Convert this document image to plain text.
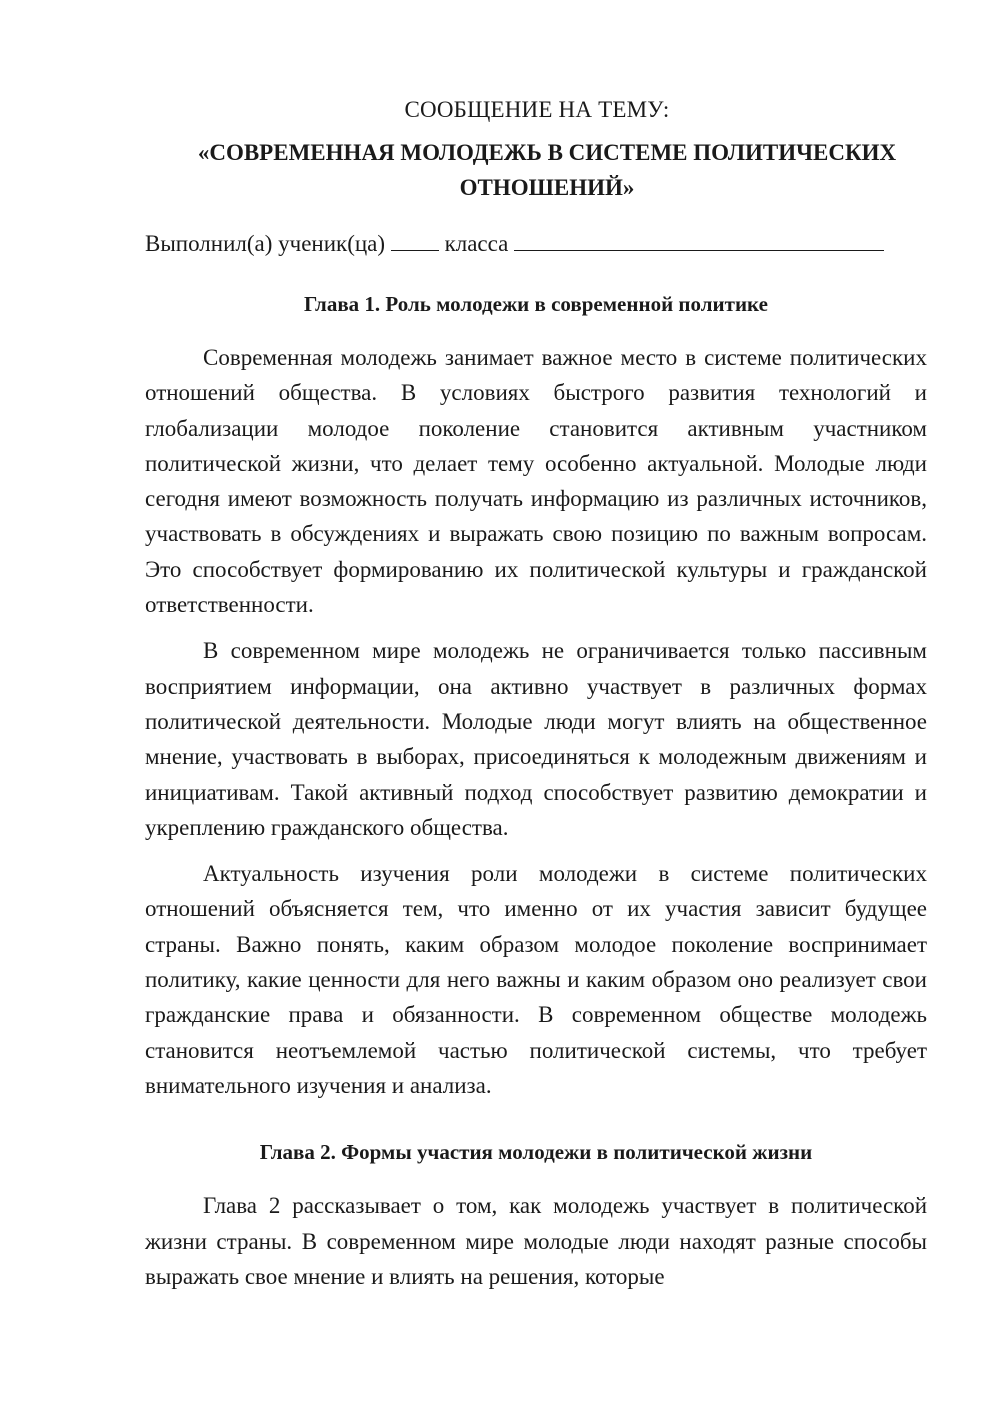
СООБЩЕНИЕ НА ТЕМУ:

«СОВРЕМЕННАЯ МОЛОДЕЖЬ В СИСТЕМЕ ПОЛИТИЧЕСКИХ ОТНОШЕНИЙ»

Выполнил(а) ученик(ца)	класса

Глава 1. Роль молодежи в современной политике

Современная молодежь занимает важное место в системе политических отношений общества. В условиях быстрого развития технологий и глобализации молодое поколение становится активным участником политической жизни, что делает тему особенно актуальной. Молодые люди сегодня имеют возможность получать информацию из различных источников, участвовать в обсуждениях и выражать свою позицию по важным вопросам. Это способствует формированию их политической культуры и гражданской ответственности.

В современном мире молодежь не ограничивается только пассивным восприятием информации, она активно участвует в различных формах политической деятельности. Молодые люди могут влиять на общественное мнение, участвовать в выборах, присоединяться к молодежным движениям и инициативам. Такой активный подход способствует развитию демократии и укреплению гражданского общества.

Актуальность изучения роли молодежи в системе политических отношений объясняется тем, что именно от их участия зависит будущее страны. Важно понять, каким образом молодое поколение воспринимает политику, какие ценности для него важны и каким образом оно реализует свои гражданские права и обязанности. В современном обществе молодежь становится неотъемлемой частью политической системы, что требует внимательного изучения и анализа.

Глава 2. Формы участия молодежи в политической жизни

Глава 2 рассказывает о том, как молодежь участвует в политической жизни страны. В современном мире молодые люди находят разные способы выражать свое мнение и влиять на решения, которые
